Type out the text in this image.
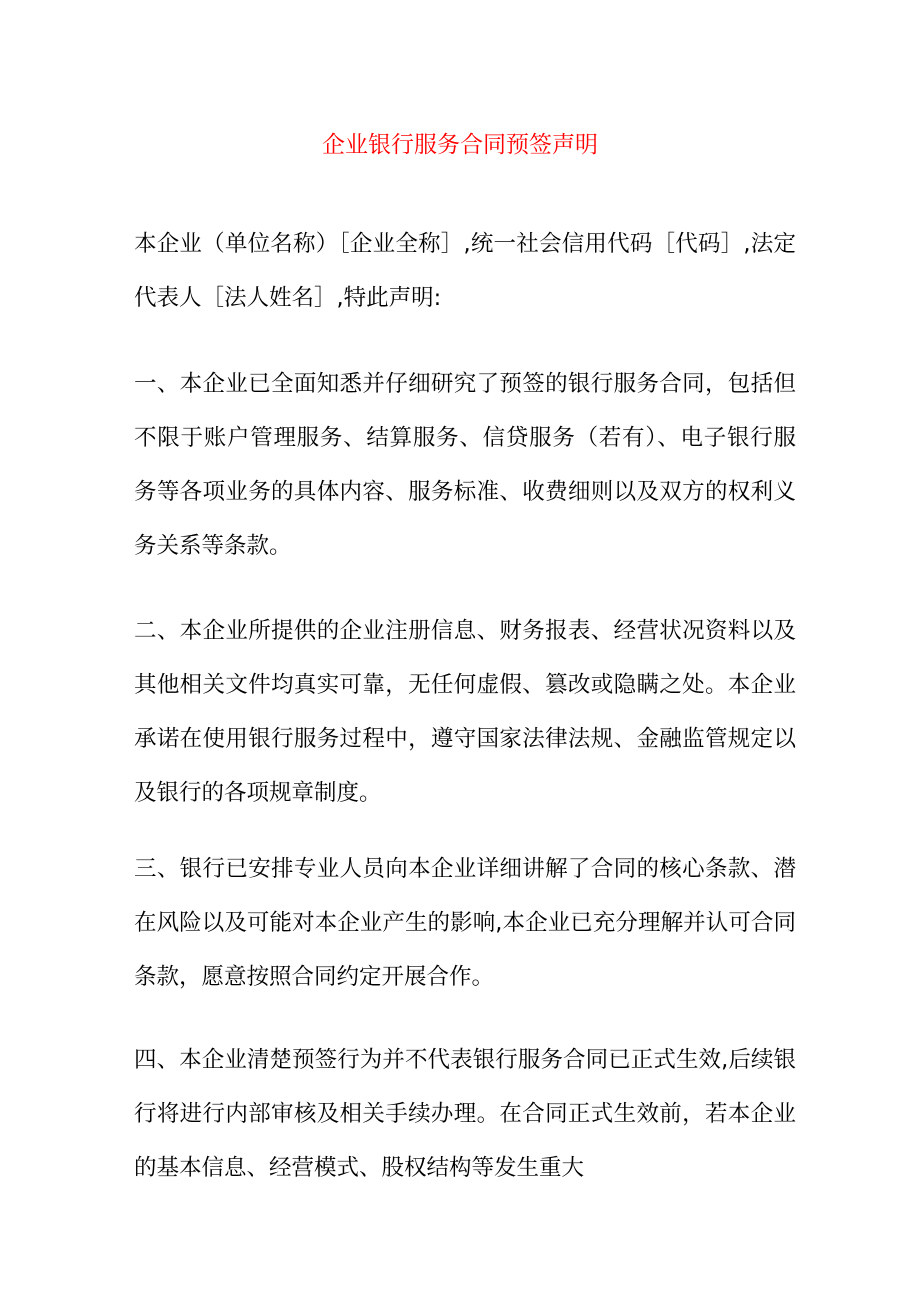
企业银行服务合同预签声明

本企业（单位名称）［企业全称］,统一社会信用代码［代码］,法定代表人［法人姓名］,特此声明:

一、本企业已全面知悉并仔细研究了预签的银行服务合同，包括但不限于账户管理服务、结算服务、信贷服务（若有）、电子银行服务等各项业务的具体内容、服务标准、收费细则以及双方的权利义务关系等条款。

二、本企业所提供的企业注册信息、财务报表、经营状况资料以及其他相关文件均真实可靠，无任何虚假、篡改或隐瞒之处。本企业承诺在使用银行服务过程中，遵守国家法律法规、金融监管规定以及银行的各项规章制度。

三、银行已安排专业人员向本企业详细讲解了合同的核心条款、潜在风险以及可能对本企业产生的影响,本企业已充分理解并认可合同条款，愿意按照合同约定开展合作。

四、本企业清楚预签行为并不代表银行服务合同已正式生效,后续银行将进行内部审核及相关手续办理。在合同正式生效前，若本企业的基本信息、经营模式、股权结构等发生重大
